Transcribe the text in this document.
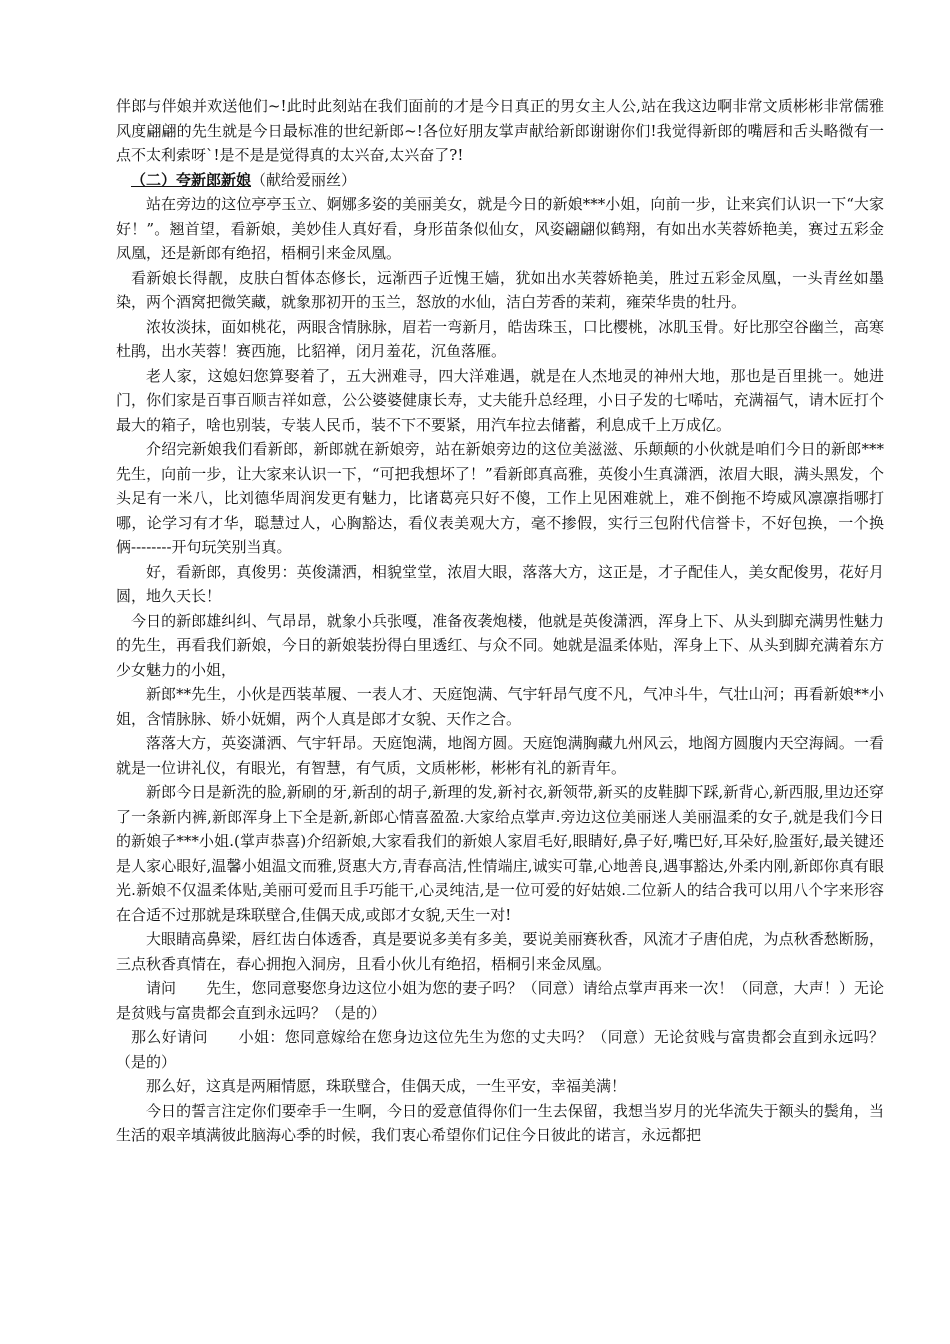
伴郎与伴娘并欢送他们~!此时此刻站在我们面前的才是今日真正的男女主人公,站在我这边啊非常文质彬彬非常儒雅风度翩翩的先生就是今日最标准的世纪新郎~!各位好朋友掌声献给新郎谢谢你们!我觉得新郎的嘴唇和舌头略微有一点不太利索呀`!是不是是觉得真的太兴奋,太兴奋了?!

（二）夸新郎新娘（献给爱丽丝）

站在旁边的这位亭亭玉立、婀娜多姿的美丽美女，就是今日的新娘***小姐，向前一步，让来宾们认识一下“大家好！”。翘首望，看新娘，美妙佳人真好看，身形苗条似仙女，风姿翩翩似鹤翔，有如出水芙蓉娇艳美，赛过五彩金凤凰，还是新郎有绝招，梧桐引来金凤凰。

看新娘长得靓，皮肤白皙体态修长，远渐西子近愧王嫱，犹如出水芙蓉娇艳美，胜过五彩金凤凰，一头青丝如墨染，两个酒窝把微笑藏，就象那初开的玉兰，怒放的水仙，洁白芳香的茉莉，雍荣华贵的牡丹。

浓妆淡抹，面如桃花，两眼含情脉脉，眉若一弯新月，皓齿珠玉，口比樱桃，冰肌玉骨。好比那空谷幽兰，高寒杜鹃，出水芙蓉！赛西施，比貂禅，闭月羞花，沉鱼落雁。

老人家，这媳妇您算娶着了，五大洲难寻，四大洋难遇，就是在人杰地灵的神州大地，那也是百里挑一。她进门，你们家是百事百顺吉祥如意，公公婆婆健康长寿，丈夫能升总经理，小日子发的七唏咕，充满福气，请木匠打个最大的箱子，啥也别装，专装人民币，装不下不要紧，用汽车拉去储蓄，利息成千上万成亿。

介绍完新娘我们看新郎，新郎就在新娘旁，站在新娘旁边的这位美滋滋、乐颠颠的小伙就是咱们今日的新郎***先生，向前一步，让大家来认识一下，“可把我想坏了！”看新郎真高雅，英俊小生真潇洒，浓眉大眼，满头黑发，个头足有一米八，比刘德华周润发更有魅力，比诸葛亮只好不傻，工作上见困难就上，难不倒拖不垮威风凛凛指哪打哪，论学习有才华，聪慧过人，心胸豁达，看仪表美观大方，毫不掺假，实行三包附代信誉卡，不好包换，一个换俩--------开句玩笑别当真。

好，看新郎，真俊男：英俊潇洒，相貌堂堂，浓眉大眼，落落大方，这正是，才子配佳人，美女配俊男，花好月圆，地久天长！

今日的新郎雄纠纠、气昂昂，就象小兵张嘎，准备夜袭炮楼，他就是英俊潇洒，浑身上下、从头到脚充满男性魅力的先生，再看我们新娘，今日的新娘装扮得白里透红、与众不同。她就是温柔体贴，浑身上下、从头到脚充满着东方少女魅力的小姐，

新郎**先生，小伙是西装革履、一表人才、天庭饱满、气宇轩昂气度不凡，气冲斗牛，气壮山河；再看新娘**小姐，含情脉脉、娇小妩媚，两个人真是郎才女貌、天作之合。

落落大方，英姿潇洒、气宇轩昂。天庭饱满，地阁方圆。天庭饱满胸藏九州风云，地阁方圆腹内天空海阔。一看就是一位讲礼仪，有眼光，有智慧，有气质，文质彬彬，彬彬有礼的新青年。

新郎今日是新洗的脸,新刷的牙,新刮的胡子,新理的发,新衬衣,新领带,新买的皮鞋脚下踩,新背心,新西服,里边还穿了一条新内裤,新郎浑身上下全是新,新郎心情喜盈盈.大家给点掌声.旁边这位美丽迷人美丽温柔的女子,就是我们今日的新娘子***小姐.(掌声恭喜)介绍新娘,大家看我们的新娘人家眉毛好,眼睛好,鼻子好,嘴巴好,耳朵好,脸蛋好,最关键还是人家心眼好,温馨小姐温文而雅,贤惠大方,青春高洁,性情端庄,诚实可靠,心地善良,遇事豁达,外柔内刚,新郎你真有眼光.新娘不仅温柔体贴,美丽可爱而且手巧能干,心灵纯洁,是一位可爱的好姑娘.二位新人的结合我可以用八个字来形容在合适不过那就是珠联壁合,佳偶天成,或郎才女貌,天生一对!

大眼睛高鼻梁，唇红齿白体透香，真是要说多美有多美，要说美丽赛秋香，风流才子唐伯虎，为点秋香愁断肠，三点秋香真情在，春心拥抱入洞房，且看小伙儿有绝招，梧桐引来金凤凰。

请问　　先生，您同意娶您身边这位小姐为您的妻子吗？（同意）请给点掌声再来一次！（同意，大声！）无论是贫贱与富贵都会直到永远吗？（是的）

那么好请问　　小姐：您同意嫁给在您身边这位先生为您的丈夫吗？（同意）无论贫贱与富贵都会直到永远吗？（是的）

那么好，这真是两厢情愿，珠联璧合，佳偶天成，一生平安，幸福美满！

今日的誓言注定你们要牵手一生啊，今日的爱意值得你们一生去保留，我想当岁月的光华流失于额头的鬓角，当生活的艰辛填满彼此脑海心季的时候，我们衷心希望你们记住今日彼此的诺言，永远都把
